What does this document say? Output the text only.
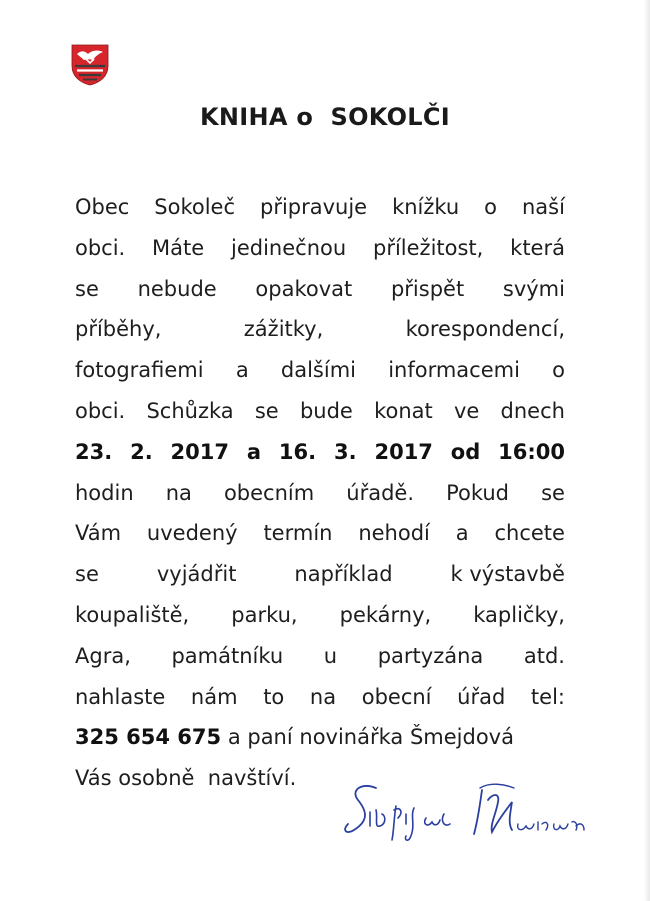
KNIHA o  SOKOLČI
Obec Sokoleč připravuje knížku o naší
obci. Máte jedinečnou příležitost, která
se nebude opakovat přispět svými
příběhy,	zážitky,	korespondencí,
fotografiemi a dalšími informacemi o
obci. Schůzka se bude konat ve dnech
23. 2. 2017 a 16. 3. 2017 od 16:00
hodin na obecním úřadě. Pokud se
Vám uvedený termín nehodí a chcete
se	vyjádřit	například	k výstavbě
koupaliště, parku, pekárny, kapličky,
Agra, památníku u partyzána atd.
nahlaste nám to na obecní úřad tel:
325 654 675 a paní novinářka Šmejdová
Vás osobně  navštíví.
